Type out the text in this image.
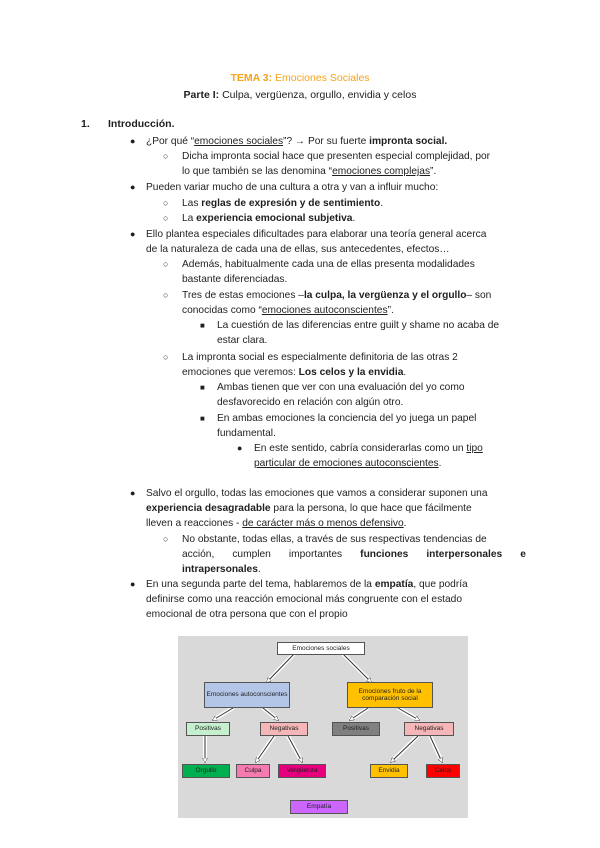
TEMA 3: Emociones Sociales
Parte I: Culpa, vergüenza, orgullo, envidia y celos
1. Introducción.
● ¿Por qué “emociones sociales”? → Por su fuerte impronta social.
○ Dicha impronta social hace que presenten especial complejidad, por
lo que también se las denomina “emociones complejas”.
● Pueden variar mucho de una cultura a otra y van a influir mucho:
○ Las reglas de expresión y de sentimiento.
○ La experiencia emocional subjetiva.
● Ello plantea especiales dificultades para elaborar una teoría general acerca
de la naturaleza de cada una de ellas, sus antecedentes, efectos…
○ Además, habitualmente cada una de ellas presenta modalidades
bastante diferenciadas.
○ Tres de estas emociones –la culpa, la vergüenza y el orgullo– son
conocidas como “emociones autoconscientes”.
■ La cuestión de las diferencias entre guilt y shame no acaba de
estar clara.
○ La impronta social es especialmente definitoria de las otras 2
emociones que veremos: Los celos y la envidia.
■ Ambas tienen que ver con una evaluación del yo como
desfavorecido en relación con algún otro.
■ En ambas emociones la conciencia del yo juega un papel
fundamental.
● En este sentido, cabría considerarlas como un tipo
particular de emociones autoconscientes.
● Salvo el orgullo, todas las emociones que vamos a considerar suponen una
experiencia desagradable para la persona, lo que hace que fácilmente
lleven a reacciones - de carácter más o menos defensivo.
○ No obstante, todas ellas, a través de sus respectivas tendencias de
acción, cumplen importantes funciones interpersonales e
intrapersonales.
● En una segunda parte del tema, hablaremos de la empatía, que podría
definirse como una reacción emocional más congruente con el estado
emocional de otra persona que con el propio
Emociones sociales
Emociones autoconscientes
Emociones fruto de la comparación social
Positivas	Negativas	Positivas	Negativas
Orgullo	Culpa	Vergüenza	Envidia	Celos
Empatía
